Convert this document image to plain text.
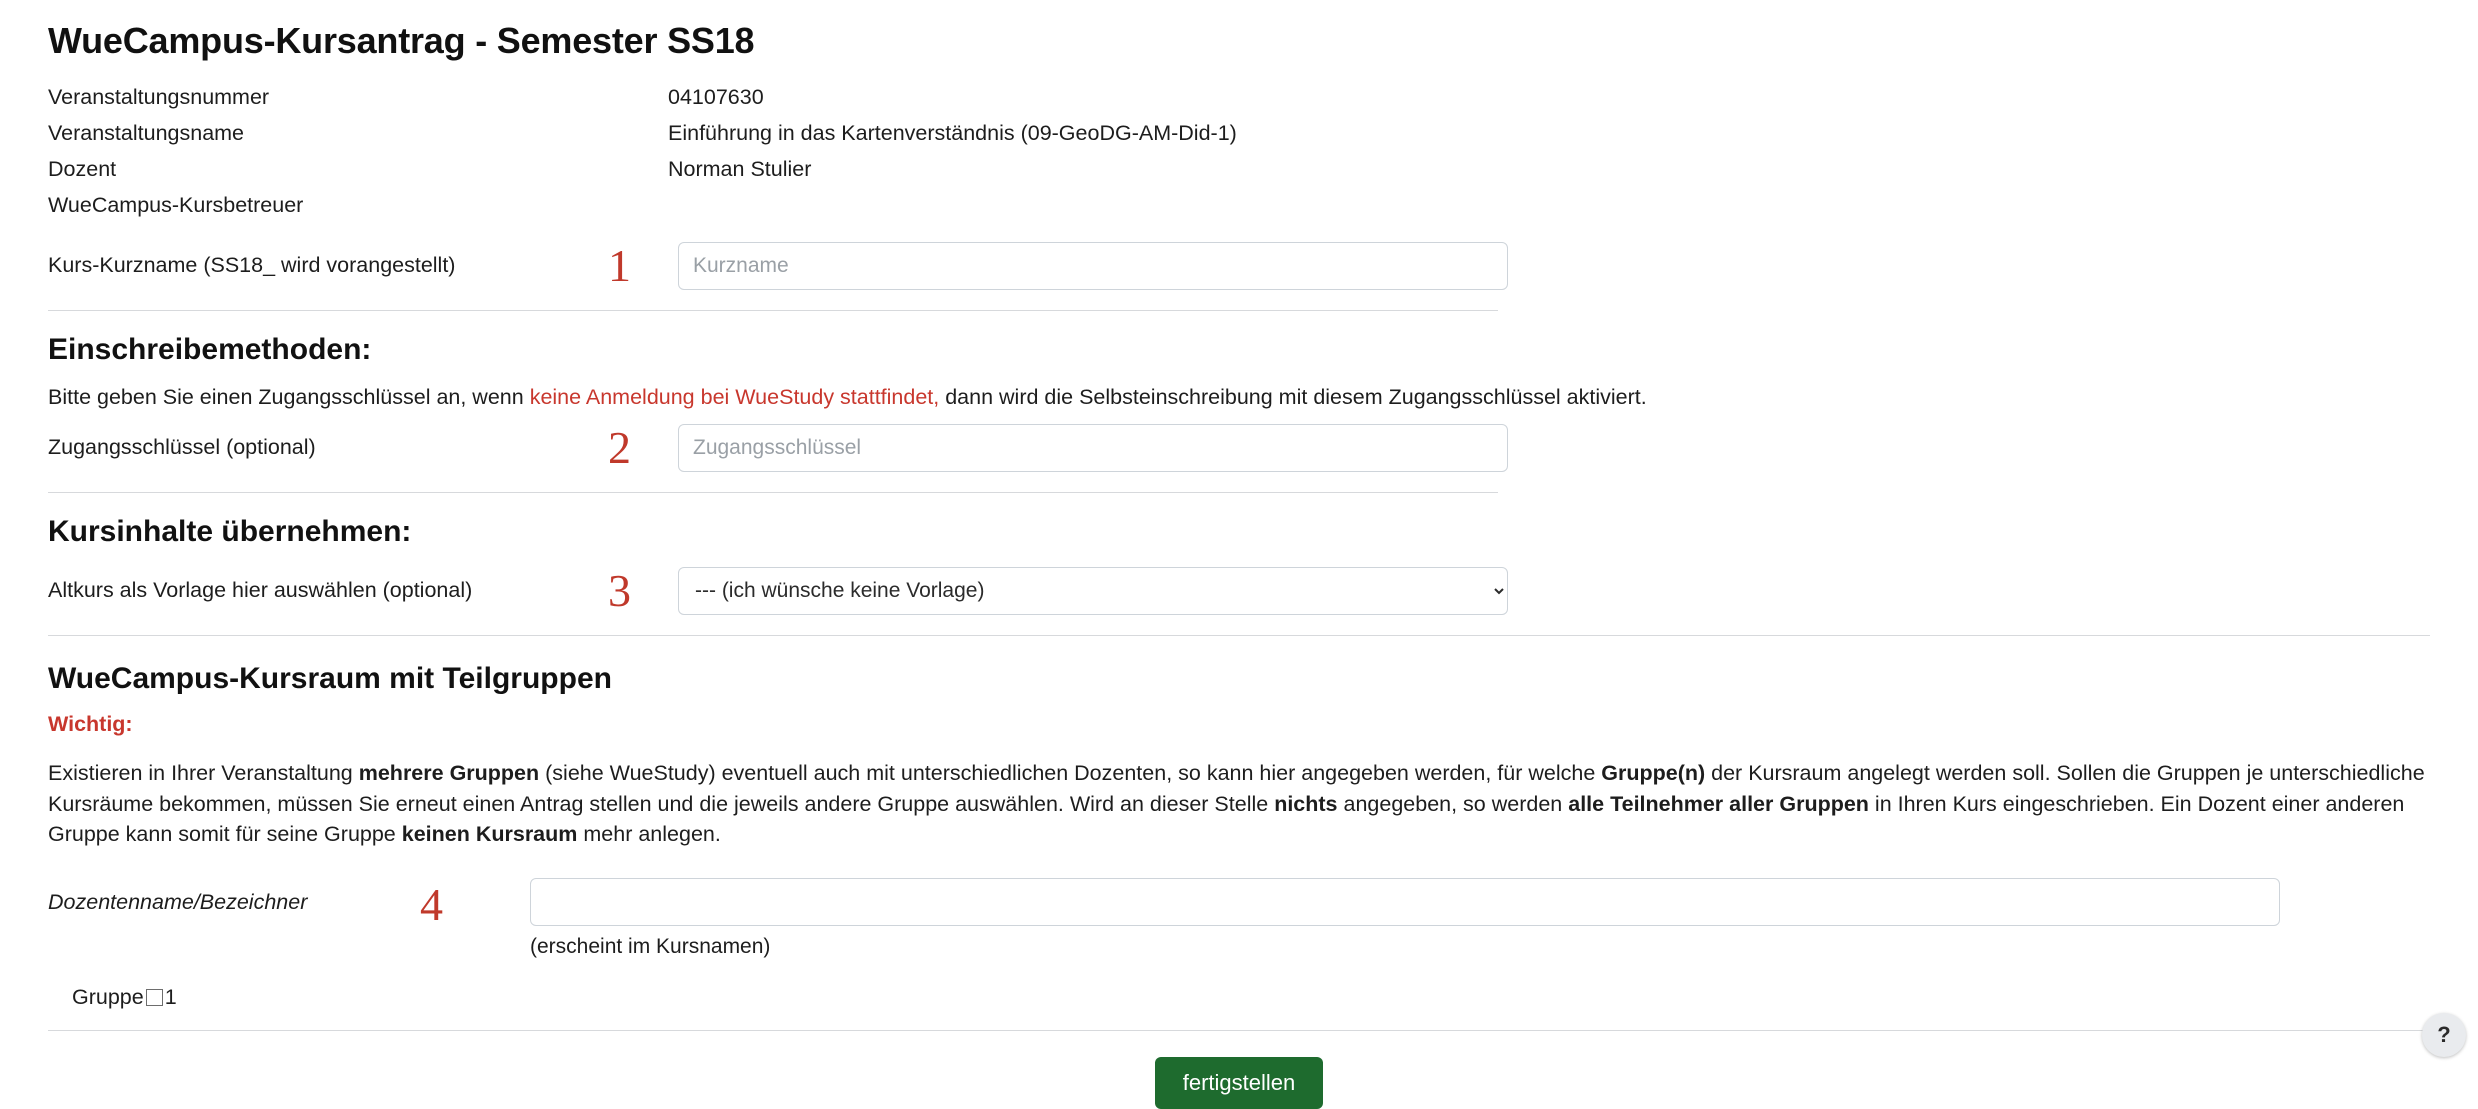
WueCampus-Kursantrag - Semester SS18
Veranstaltungsnummer	04107630
Veranstaltungsname	Einführung in das Kartenverständnis (09-GeoDG-AM-Did-1)
Dozent	Norman Stulier
WueCampus-Kursbetreuer	
Kurs-Kurzname (SS18_ wird vorangestellt)	1
Kurzname
Einschreibemethoden:

Bitte geben Sie einen Zugangsschlüssel an, wenn keine Anmeldung bei WueStudy stattfindet, dann wird die Selbsteinschreibung mit diesem Zugangsschlüssel aktiviert.

Zugangsschlüssel (optional)	2
Zugangsschlüssel
Kursinhalte übernehmen:
Altkurs als Vorlage hier auswählen (optional)	3
--- (ich wünsche keine Vorlage)
WueCampus-Kursraum mit Teilgruppen
Wichtig:

Existieren in Ihrer Veranstaltung mehrere Gruppen (siehe WueStudy) eventuell auch mit unterschiedlichen Dozenten, so kann hier angegeben werden, für welche Gruppe(n) der Kursraum angelegt werden soll. Sollen die Gruppen je unterschiedliche Kursräume bekommen, müssen Sie erneut einen Antrag stellen und die jeweils andere Gruppe auswählen. Wird an dieser Stelle nichts angegeben, so werden alle Teilnehmer aller Gruppen in Ihren Kurs eingeschrieben. Ein Dozent einer anderen Gruppe kann somit für seine Gruppe keinen Kursraum mehr anlegen.

Dozentenname/Bezeichner	4
(erscheint im Kursnamen)
Gruppe 1
fertigstellen
?
